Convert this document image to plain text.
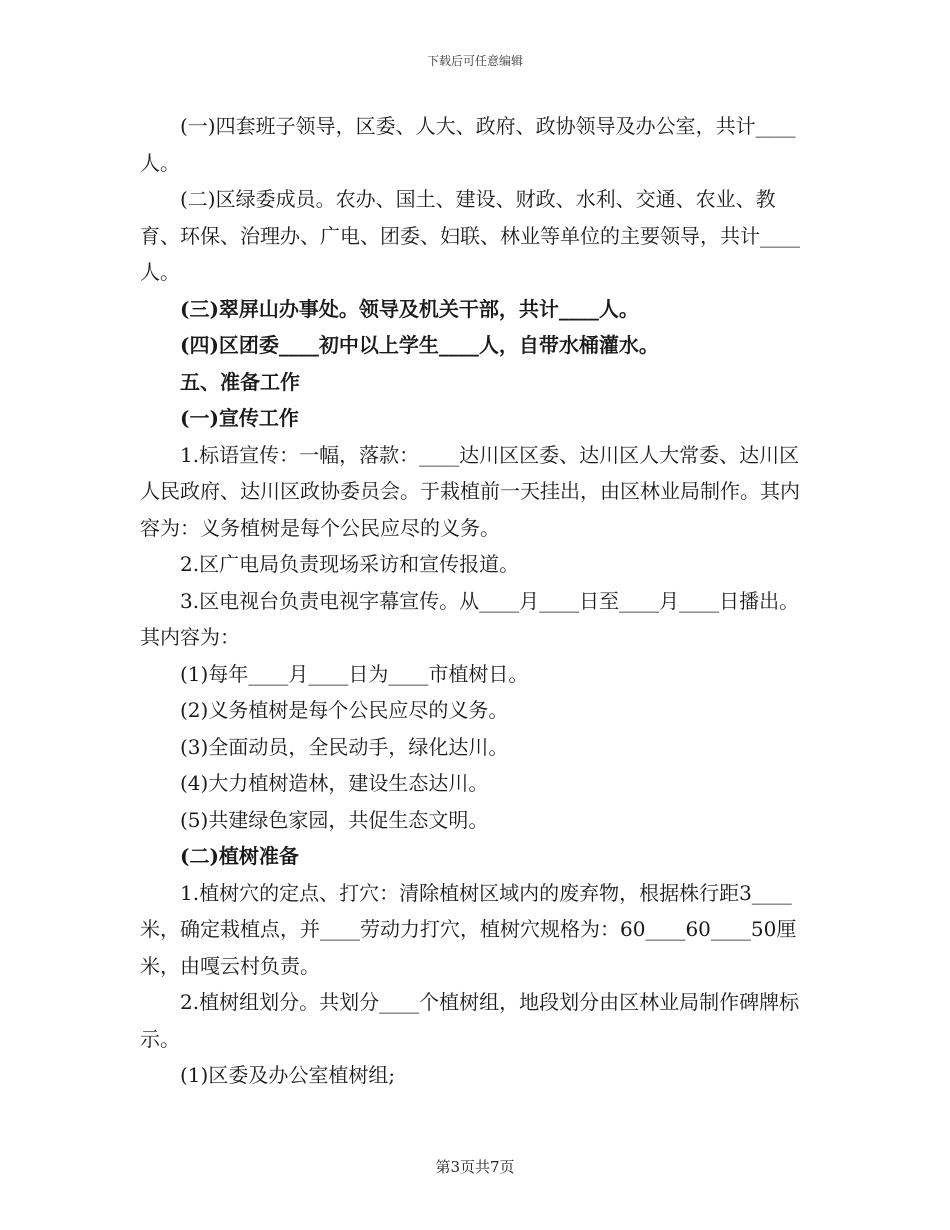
下载后可任意编辑

(一)四套班子领导，区委、人大、政府、政协领导及办公室，共计____人。

(二)区绿委成员。农办、国土、建设、财政、水利、交通、农业、教育、环保、治理办、广电、团委、妇联、林业等单位的主要领导，共计____人。

(三)翠屏山办事处。领导及机关干部，共计____人。

(四)区团委____初中以上学生____人，自带水桶灌水。

五、准备工作

(一)宣传工作

1.标语宣传：一幅，落款：____达川区区委、达川区人大常委、达川区人民政府、达川区政协委员会。于栽植前一天挂出，由区林业局制作。其内容为：义务植树是每个公民应尽的义务。

2.区广电局负责现场采访和宣传报道。

3.区电视台负责电视字幕宣传。从____月____日至____月____日播出。其内容为：

(1)每年____月____日为____市植树日。

(2)义务植树是每个公民应尽的义务。

(3)全面动员，全民动手，绿化达川。

(4)大力植树造林，建设生态达川。

(5)共建绿色家园，共促生态文明。

(二)植树准备

1.植树穴的定点、打穴：清除植树区域内的废弃物，根据株行距3____米，确定栽植点，并____劳动力打穴，植树穴规格为：60____60____50厘米，由嘎云村负责。

2.植树组划分。共划分____个植树组，地段划分由区林业局制作碑牌标示。

(1)区委及办公室植树组;

第3页共7页
